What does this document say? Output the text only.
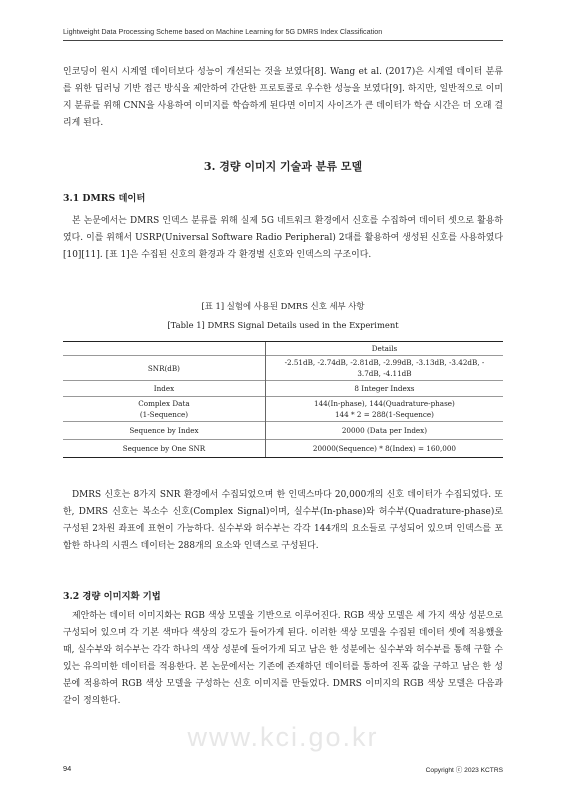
Lightweight Data Processing Scheme based on Machine Learning for 5G DMRS Index Classification

인코딩이 원시 시계열 데이터보다 성능이 개선되는 것을 보였다[8]. Wang et al. (2017)은 시계열 데이터 분류를 위한 딥러닝 기반 접근 방식을 제안하여 간단한 프로토콜로 우수한 성능을 보였다[9]. 하지만, 일반적으로 이미지 분류를 위해 CNN을 사용하여 이미지를 학습하게 된다면 이미지 사이즈가 큰 데이터가 학습 시간은 더 오래 걸리게 된다.

3. 경량 이미지 기술과 분류 모델
3.1 DMRS 데이터

본 논문에서는 DMRS 인덱스 분류를 위해 실제 5G 네트워크 환경에서 신호를 수집하여 데이터 셋으로 활용하였다. 이를 위해서 USRP(Universal Software Radio Peripheral) 2대를 활용하여 생성된 신호를 사용하였다[10][11]. [표 1]은 수집된 신호의 환경과 각 환경별 신호와 인덱스의 구조이다.

[표 1] 실험에 사용된 DMRS 신호 세부 사항
[Table 1] DMRS Signal Details used in the Experiment
	Details
SNR(dB)	-2.51dB, -2.74dB, -2.81dB, -2.99dB, -3.13dB, -3.42dB, -
3.7dB, -4.11dB
Index	8 Integer Indexs
Complex Data
(1-Sequence)	144(In-phase), 144(Quadrature-phase)
144 * 2 = 288(1-Sequence)
Sequence by Index	20000 (Data per Index)
Sequence by One SNR	20000(Sequence) * 8(Index) = 160,000

DMRS 신호는 8가지 SNR 환경에서 수집되었으며 한 인덱스마다 20,000개의 신호 데이터가 수집되었다. 또한, DMRS 신호는 복소수 신호(Complex Signal)이며, 실수부(In-phase)와 허수부(Quadrature-phase)로 구성된 2차원 좌표에 표현이 가능하다. 실수부와 허수부는 각각 144개의 요소들로 구성되어 있으며 인덱스를 포함한 하나의 시퀀스 데이터는 288개의 요소와 인덱스로 구성된다.

3.2 경량 이미지화 기법

제안하는 데이터 이미지화는 RGB 색상 모델을 기반으로 이루어진다. RGB 색상 모델은 세 가지 색상 성분으로 구성되어 있으며 각 기본 색마다 색상의 강도가 들어가게 된다. 이러한 색상 모델을 수집된 데이터 셋에 적용했을 때, 실수부와 허수부는 각각 하나의 색상 성분에 들어가게 되고 남은 한 성분에는 실수부와 허수부를 통해 구할 수 있는 유의미한 데이터를 적용한다. 본 논문에서는 기존에 존재하던 데이터를 통하여 진폭 값을 구하고 남은 한 성분에 적용하여 RGB 색상 모델을 구성하는 신호 이미지를 만들었다. DMRS 이미지의 RGB 색상 모델은 다음과 같이 정의한다.

www.kci.go.kr
94	Copyright ⓒ 2023 KCTRS
